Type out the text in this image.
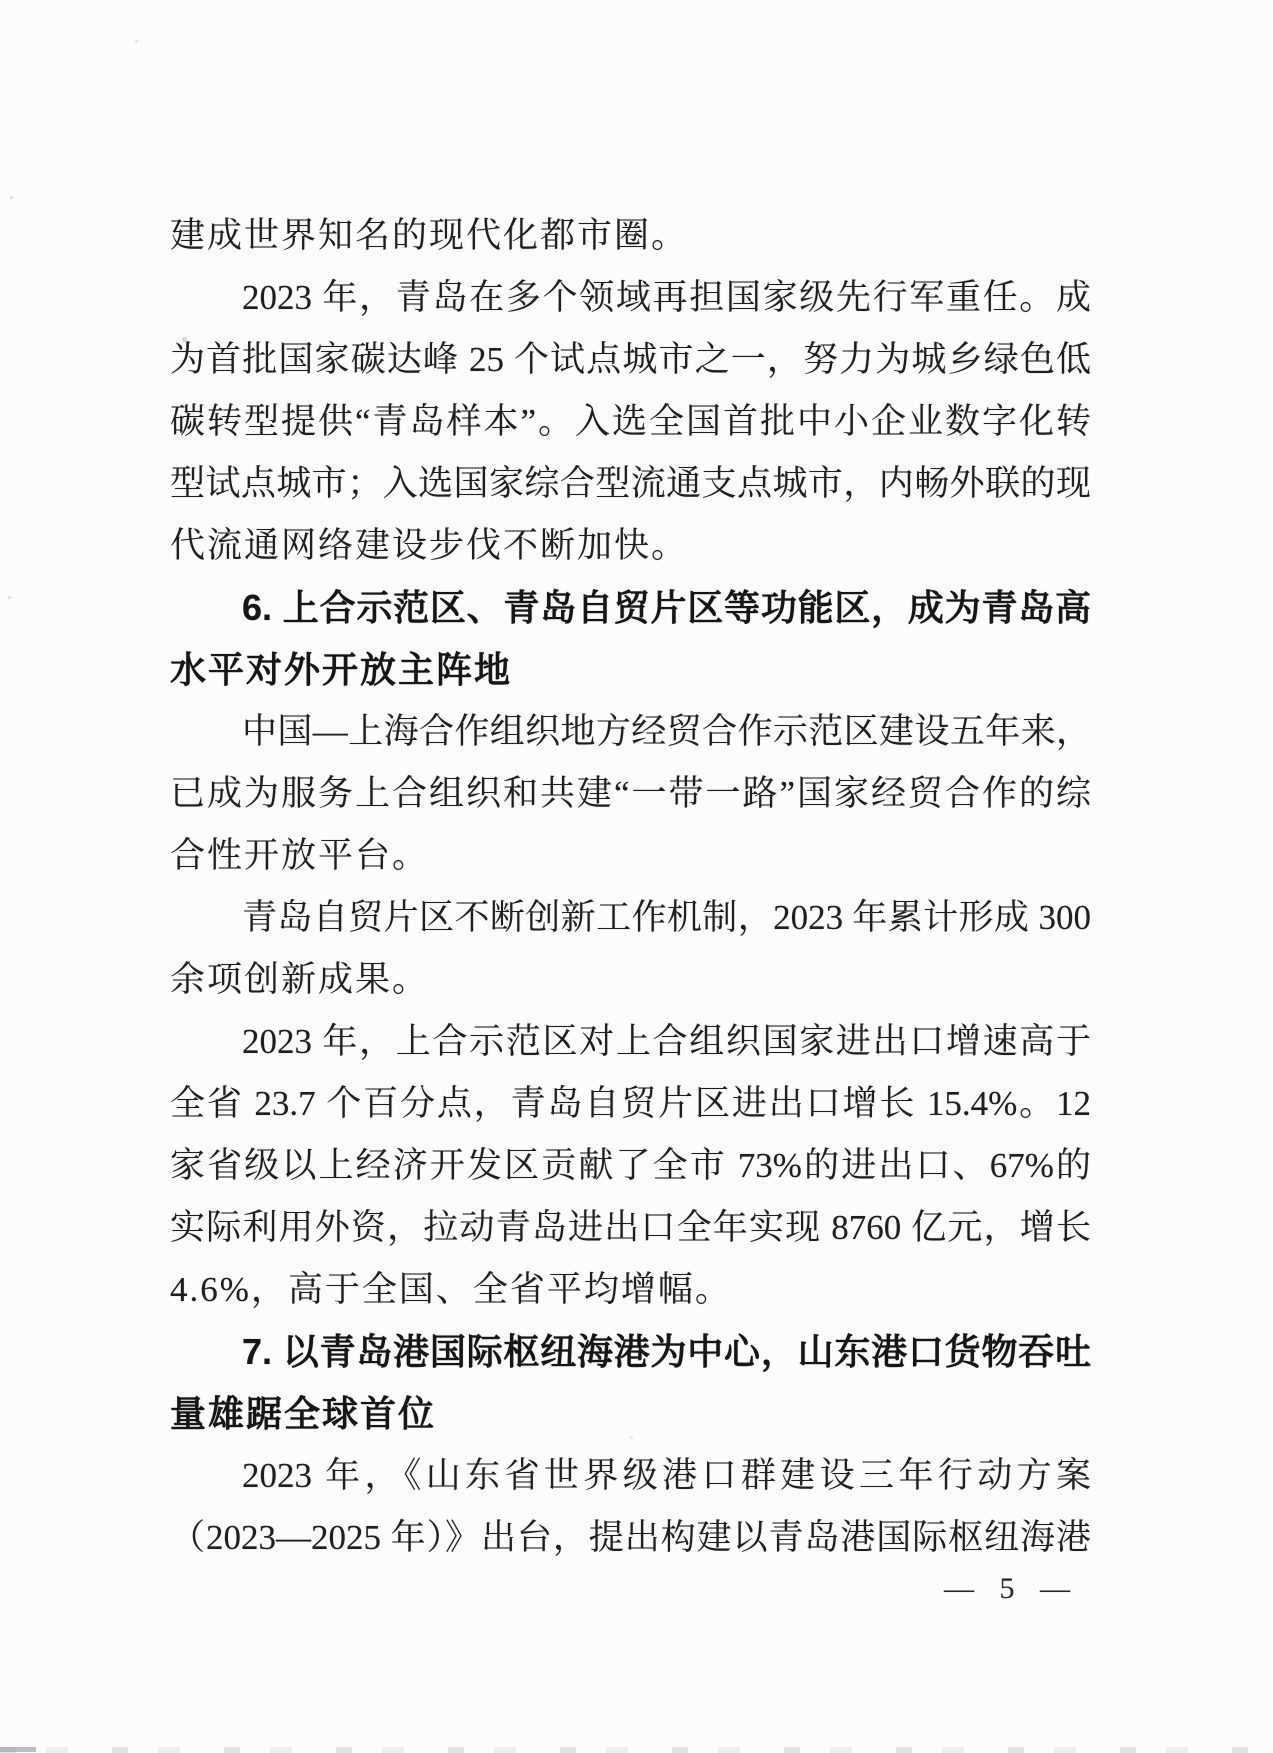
建成世界知名的现代化都市圈。
2023 年，青岛在多个领域再担国家级先行军重任。成
为首批国家碳达峰 25 个试点城市之一，努力为城乡绿色低
碳转型提供“青岛样本”。入选全国首批中小企业数字化转
型试点城市；入选国家综合型流通支点城市，内畅外联的现
代流通网络建设步伐不断加快。
6. 上合示范区、青岛自贸片区等功能区，成为青岛高
水平对外开放主阵地
中国—上海合作组织地方经贸合作示范区建设五年来，
已成为服务上合组织和共建“一带一路”国家经贸合作的综
合性开放平台。
青岛自贸片区不断创新工作机制，2023 年累计形成 300
余项创新成果。
2023 年，上合示范区对上合组织国家进出口增速高于
全省 23.7 个百分点，青岛自贸片区进出口增长 15.4%。12
家省级以上经济开发区贡献了全市 73%的进出口、67%的
实际利用外资，拉动青岛进出口全年实现 8760 亿元，增长
4.6%，高于全国、全省平均增幅。
7. 以青岛港国际枢纽海港为中心，山东港口货物吞吐
量雄踞全球首位
2023 年，《山东省世界级港口群建设三年行动方案
（2023—2025 年）》出台，提出构建以青岛港国际枢纽海港
— 5 —
